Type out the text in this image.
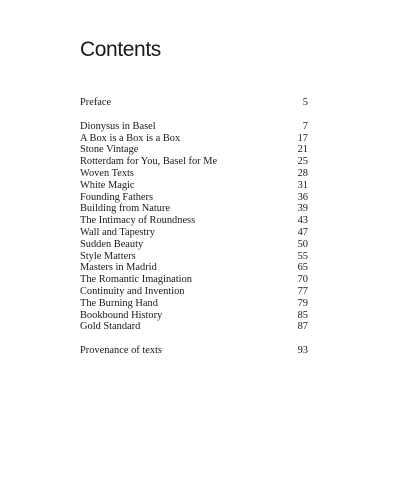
Contents
Preface	5
Dionysus in Basel	7
A Box is a Box is a Box	17
Stone Vintage	21
Rotterdam for You, Basel for Me	25
Woven Texts	28
White Magic	31
Founding Fathers	36
Building from Nature	39
The Intimacy of Roundness	43
Wall and Tapestry	47
Sudden Beauty	50
Style Matters	55
Masters in Madrid	65
The Romantic Imagination	70
Continuity and Invention	77
The Burning Hand	79
Bookbound History	85
Gold Standard	87
Provenance of texts	93
